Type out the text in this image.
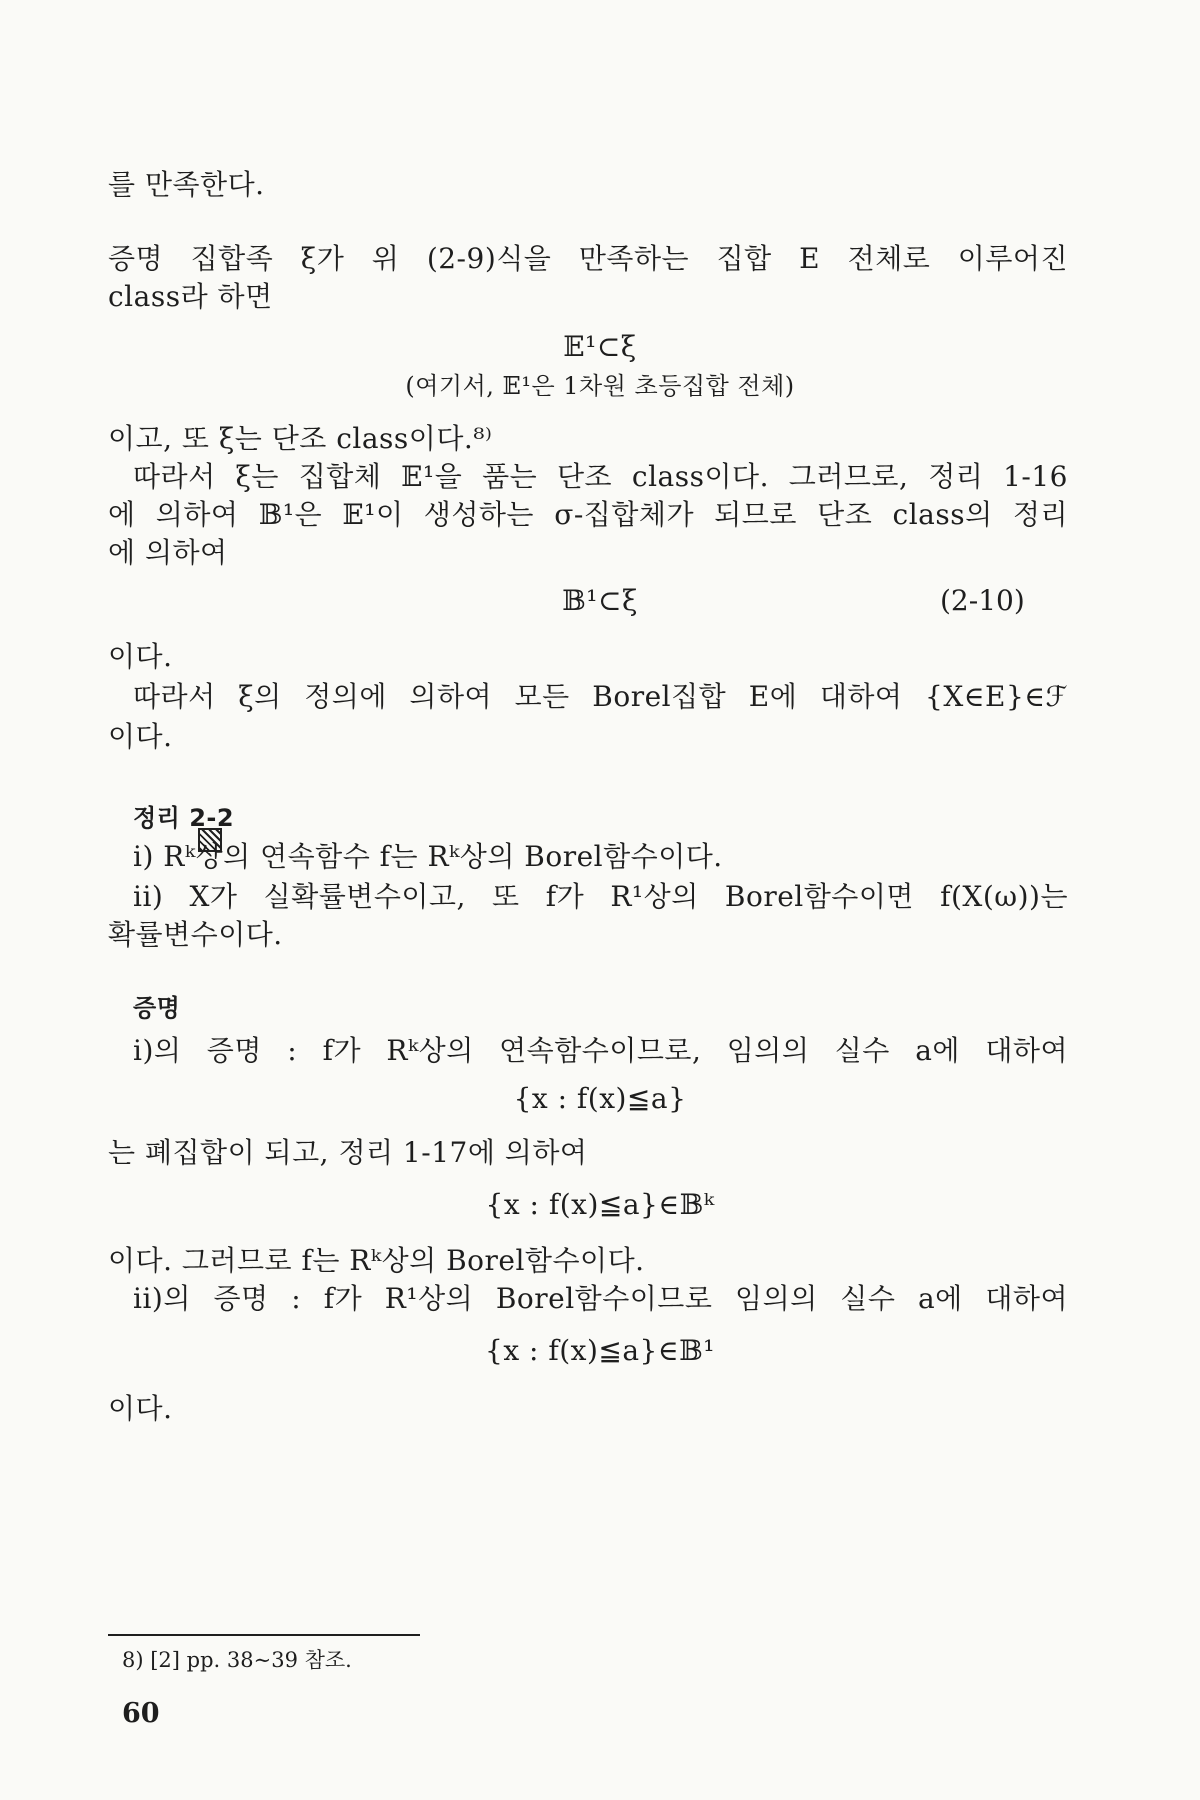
를 만족한다.
증명 집합족 ξ가 위 (2-9)식을 만족하는 집합 E 전체로 이루어진
class라 하면
𝔼¹⊂ξ
(여기서, 𝔼¹은 1차원 초등집합 전체)
이고, 또 ξ는 단조 class이다.⁸⁾
따라서 ξ는 집합체 𝔼¹을 품는 단조 class이다. 그러므로, 정리 1-16
에 의하여 𝔹¹은 𝔼¹이 생성하는 σ-집합체가 되므로 단조 class의 정리
에 의하여
𝔹¹⊂ξ	(2-10)
이다.
따라서 ξ의 정의에 의하여 모든 Borel집합 E에 대하여 {X∈E}∈ℱ
이다.
정리 2-2
i) Rᵏ상의 연속함수 f는 Rᵏ상의 Borel함수이다.
ii) X가 실확률변수이고, 또 f가 R¹상의 Borel함수이면 f(X(ω))는
확률변수이다.
증명
i)의 증명 : f가 Rᵏ상의 연속함수이므로, 임의의 실수 a에 대하여
{x : f(x)≦a}
는 폐집합이 되고, 정리 1-17에 의하여
{x : f(x)≦a}∈𝔹ᵏ
이다. 그러므로 f는 Rᵏ상의 Borel함수이다.
ii)의 증명 : f가 R¹상의 Borel함수이므로 임의의 실수 a에 대하여
{x : f(x)≦a}∈𝔹¹
이다.
8) [2] pp. 38∼39 참조.
60
